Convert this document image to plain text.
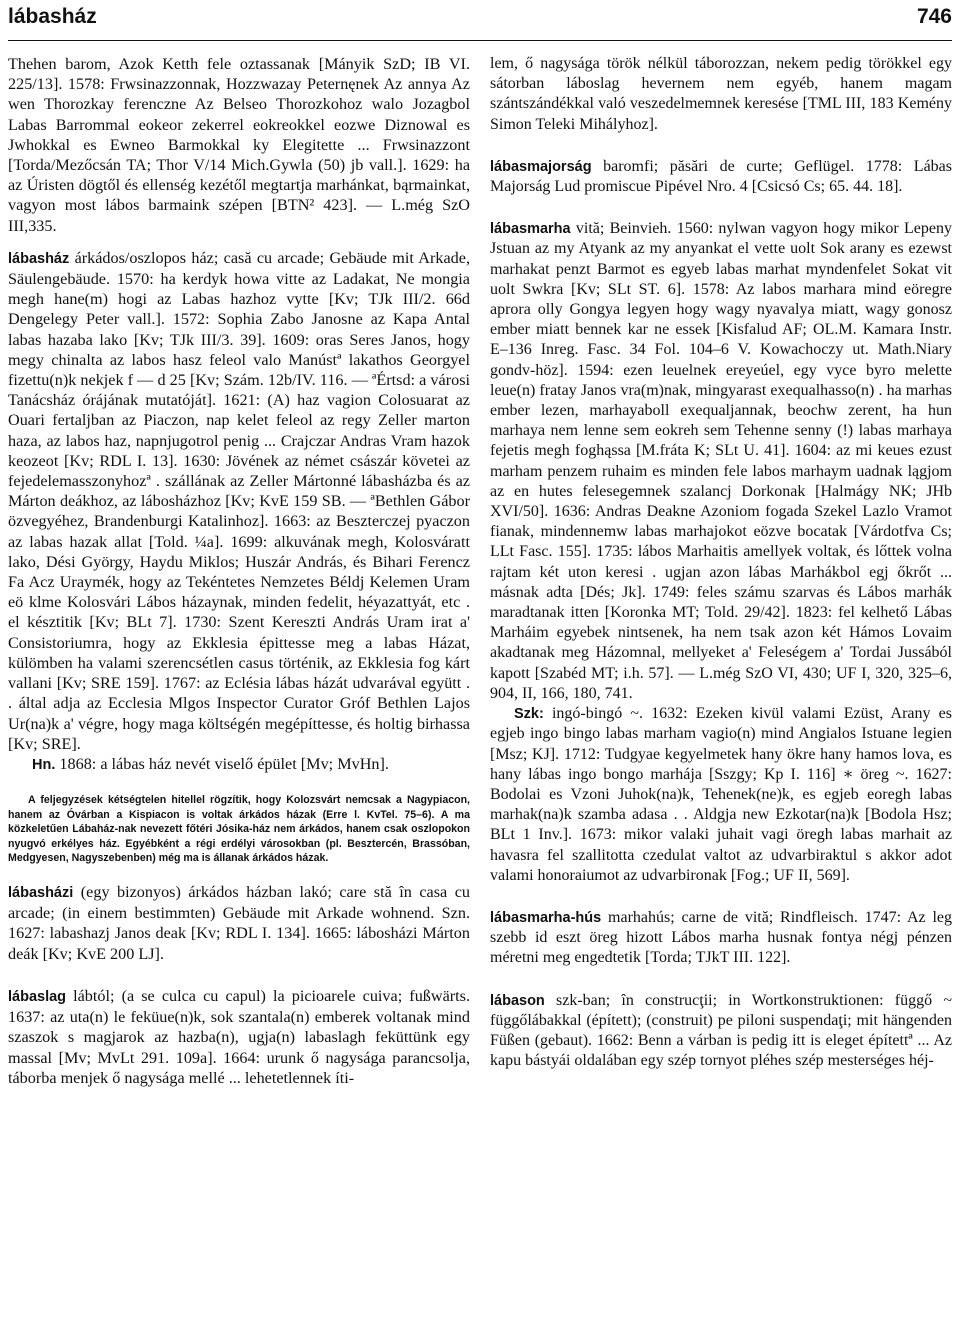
lábasház	746

Thehen barom, Azok Ketth fele oztassanak [Mányik SzD; IB VI. 225/13]. 1578: Frwsinazzonnak, Hozzwazay Peternęnek Az annya Az wen Thorozkay ferenczne Az Belseo Thorozkohoz walo Jozagbol Labas Barrommal eokeor zekerrel eokreokkel eozwe Diznowal es Jwhokkal es Ewneo Barmokkal ky Elegitette ... Frwsinazzont [Torda/Mezőcsán TA; Thor V/14 Mich.Gywla (50) jb vall.]. 1629: ha az Úristen dögtől és ellenség kezétől megtartja marhánkat, bąrmainkat, vagyon most lábos barmaink szépen [BTN² 423]. — L.még SzO III,335.

lábasház árkádos/oszlopos ház; casă cu arcade; Gebäude mit Arkade, Säulengebäude. 1570: ha kerdyk howa vitte az Ladakat, Ne mongia megh hane(m) hogi az Labas hazhoz vytte [Kv; TJk III/2. 66d Dengelegy Peter vall.]. 1572: Sophia Zabo Janosne az Kapa Antal labas hazaba lako [Kv; TJk III/3. 39]. 1609: oras Seres Janos, hogy megy chinalta az labos hasz feleol valo Manústª lakathos Georgyel fizettu(n)k nekjek f — d 25 [Kv; Szám. 12b/IV. 116. — ªÉrtsd: a városi Tanácsház órájának mutatóját]. 1621: (A) haz vagion Colosuarat az Ouari fertaljban az Piaczon, nap kelet feleol az regy Zeller marton haza, az labos haz, napnjugotrol penig ... Crajczar Andras Vram hazok keozeot [Kv; RDL I. 13]. 1630: Jövének az német császár követei az fejedelemasszonyhozª . szállának az Zeller Mártonné lábasházba és az Márton deákhoz, az lábosházhoz [Kv; KvE 159 SB. — ªBethlen Gábor özvegyéhez, Brandenburgi Katalinhoz]. 1663: az Beszterczej pyaczon az labas hazak allat [Told. ¼a]. 1699: alkuvának megh, Kolosváratt lako, Dési György, Haydu Miklos; Huszár András, és Bihari Ferencz Fa Acz Uraymék, hogy az Tekéntetes Nemzetes Béldj Kelemen Uram eö klme Kolosvári Lábos házaynak, minden fedelit, héyazattyát, etc . el késztitik [Kv; BLt 7]. 1730: Szent Kereszti András Uram irat a' Consistoriumra, hogy az Ekklesia épittesse meg a labas Házat, külömben ha valami szerencsétlen casus történik, az Ekklesia fog kárt vallani [Kv; SRE 159]. 1767: az Eclésia lábas házát udvarával együtt . . által adja az Ecclesia Mlgos Inspector Curator Gróf Bethlen Lajos Ur(na)k a' végre, hogy maga költségén megépíttesse, és holtig birhassa [Kv; SRE].

Hn. 1868: a lábas ház nevét viselő épület [Mv; MvHn].

A feljegyzések kétségtelen hitellel rögzítik, hogy Kolozsvárt nemcsak a Nagypiacon, hanem az Óvárban a Kispiacon is voltak árkádos házak (Erre l. KvTel. 75–6). A ma közkeletűen Lábaház-nak nevezett főtéri Jósika-ház nem árkádos, hanem csak oszlopokon nyugvó erkélyes ház. Egyébként a régi erdélyi városokban (pl. Besztercén, Brassóban, Medgyesen, Nagyszebenben) még ma is állanak árkádos házak.

lábasházi (egy bizonyos) árkádos házban lakó; care stă în casa cu arcade; (in einem bestimmten) Gebäude mit Arkade wohnend. Szn. 1627: labashazj Janos deak [Kv; RDL I. 134]. 1665: lábosházi Márton deák [Kv; KvE 200 LJ].

lábaslag lábtól; (a se culca cu capul) la picioarele cuiva; fußwärts. 1637: az uta(n) le feküue(n)k, sok szantala(n) emberek voltanak mind szaszok s magjarok az hazba(n), ugja(n) labaslagh feküttünk egy massal [Mv; MvLt 291. 109a]. 1664: urunk ő nagysága parancsolja, táborba menjek ő nagysága mellé ... lehetetlennek íti-

lem, ő nagysága török nélkül táborozzan, nekem pedig törökkel egy sátorban láboslag hevernem nem egyéb, hanem magam szántszándékkal való veszedelmemnek keresése [TML III, 183 Kemény Simon Teleki Mihályhoz].

lábasmajorság baromfi; păsări de curte; Geflügel. 1778: Lábas Majorság Lud promiscue Pipével Nro. 4 [Csicsó Cs; 65. 44. 18].

lábasmarha vită; Beinvieh. 1560: nylwan vagyon hogy mikor Lepeny Jstuan az my Atyank az my anyankat el vette uolt Sok arany es ezewst marhakat penzt Barmot es egyeb labas marhat myndenfelet Sokat vit uolt Swkra [Kv; SLt ST. 6]. 1578: Az labos marhara mind eöregre aprora olly Gongya legyen hogy wagy nyavalya miatt, wagy gonosz ember miatt bennek kar ne essek [Kisfalud AF; OL.M. Kamara Instr. E–136 Inreg. Fasc. 34 Fol. 104–6 V. Kowachoczy ut. Math.Niary gondv-höz]. 1594: ezen leuelnek ereyeúel, egy vyce byro melette leue(n) fratay Janos vra(m)nak, mingyarast exequalhasso(n) . ha marhas ember lezen, marhayaboll exequaljannak, beochw zerent, ha hun marhaya nem lenne sem eokreh sem Tehenne senny (!) labas marhaya fejetis megh foghąssa [M.fráta K; SLt U. 41]. 1604: az mi keues ezust marham penzem ruhaim es minden fele labos marhaym uadnak lągjom az en hutes felesegemnek szalancj Dorkonak [Halmágy NK; JHb XVI/50]. 1636: Andras Deakne Azoniom fogada Szekel Lazlo Vramot fianak, mindennemw labas marhajokot eözve bocatak [Várdotfva Cs; LLt Fasc. 155]. 1735: lábos Marhaitis amellyek voltak, és lőttek volna rajtam két uton keresi . ugjan azon lábas Marhákbol egj őkrőt ... másnak adta [Dés; Jk]. 1749: feles számu szarvas és Lábos marhák maradtanak itten [Koronka MT; Told. 29/42]. 1823: fel kelhető Lábas Marháim egyebek nintsenek, ha nem tsak azon két Hámos Lovaim akadtanak meg Házomnal, mellyeket a' Feleségem a' Tordai Jussából kapott [Szabéd MT; i.h. 57]. — L.még SzO VI, 430; UF I, 320, 325–6, 904, II, 166, 180, 741.

Szk: ingó-bingó ~. 1632: Ezeken kivül valami Ezüst, Arany es egjeb ingo bingo labas marham vagio(n) mind Angialos Istuane legien [Msz; KJ]. 1712: Tudgyae kegyelmetek hany ökre hany hamos lova, es hany lábas ingo bongo marhája [Sszgy; Kp I. 116] ∗ öreg ~. 1627: Bodolai es Vzoni Juhok(na)k, Tehenek(ne)k, es egjeb eoregh labas marhak(na)k szamba adasa . . Aldgja new Ezkotar(na)k [Bodola Hsz; BLt 1 Inv.]. 1673: mikor valaki juhait vagi öregh labas marhait az havasra fel szallitotta czedulat valtot az udvarbiraktul s akkor adot valami honoraiumot az udvarbironak [Fog.; UF II, 569].

lábasmarha-hús marhahús; carne de vită; Rindfleisch. 1747: Az leg szebb id eszt öreg hizott Lábos marha husnak fontya négj pénzen méretni meg engedtetik [Torda; TJkT III. 122].

lábason szk-ban; în construcţii; in Wortkonstruktionen: függő ~ függőlábakkal (épített); (construit) pe piloni suspendaţi; mit hängenden Füßen (gebaut). 1662: Benn a várban is pedig itt is eleget építettª ... Az kapu bástyái oldalában egy szép tornyot pléhes szép mesterséges héj-
